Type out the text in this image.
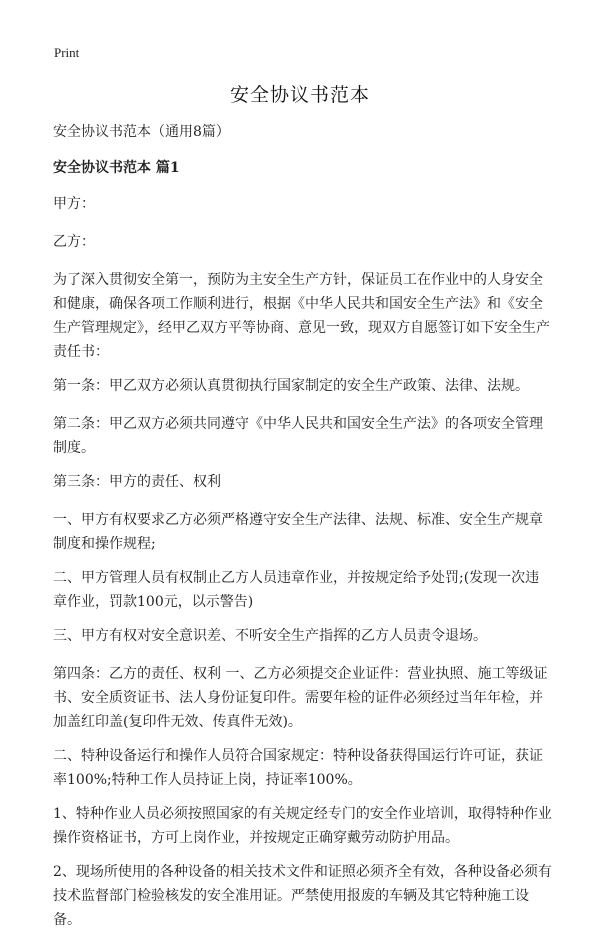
Print
安全协议书范本
安全协议书范本（通用8篇）
安全协议书范本 篇1
甲方：
乙方：
为了深入贯彻安全第一，预防为主安全生产方针，保证员工在作业中的人身安全和健康，确保各项工作顺利进行，根据《中华人民共和国安全生产法》和《安全生产管理规定》，经甲乙双方平等协商、意见一致，现双方自愿签订如下安全生产责任书：
第一条：甲乙双方必须认真贯彻执行国家制定的安全生产政策、法律、法规。
第二条：甲乙双方必须共同遵守《中华人民共和国安全生产法》的各项安全管理制度。
第三条：甲方的责任、权利
一、甲方有权要求乙方必须严格遵守安全生产法律、法规、标准、安全生产规章制度和操作规程;
二、甲方管理人员有权制止乙方人员违章作业，并按规定给予处罚;(发现一次违章作业，罚款100元，以示警告)
三、甲方有权对安全意识差、不听安全生产指挥的乙方人员责令退场。
第四条：乙方的责任、权利 一、乙方必须提交企业证件：营业执照、施工等级证书、安全质资证书、法人身份证复印件。需要年检的证件必须经过当年年检，并加盖红印盖(复印件无效、传真件无效)。
二、特种设备运行和操作人员符合国家规定：特种设备获得国运行许可证，获证率100%;特种工作人员持证上岗，持证率100%。
1、特种作业人员必须按照国家的有关规定经专门的安全作业培训，取得特种作业操作资格证书，方可上岗作业，并按规定正确穿戴劳动防护用品。
2、现场所使用的各种设备的相关技术文件和证照必须齐全有效，各种设备必须有技术监督部门检验核发的安全准用证。严禁使用报废的车辆及其它特种施工设备。
